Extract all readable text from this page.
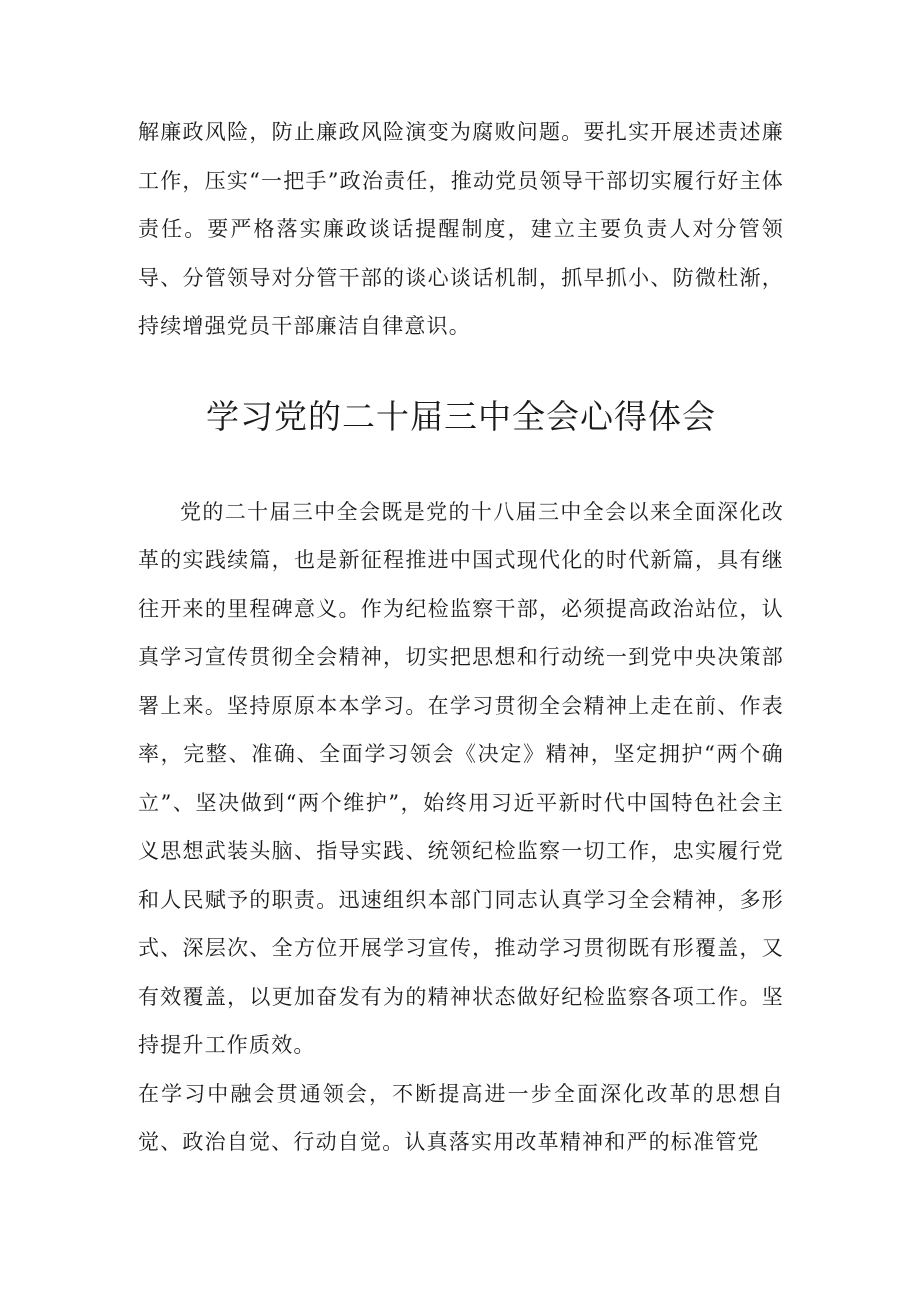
解廉政风险，防止廉政风险演变为腐败问题。要扎实开展述责述廉工作，压实“一把手”政治责任，推动党员领导干部切实履行好主体责任。要严格落实廉政谈话提醒制度，建立主要负责人对分管领导、分管领导对分管干部的谈心谈话机制，抓早抓小、防微杜渐，持续增强党员干部廉洁自律意识。

学习党的二十届三中全会心得体会

党的二十届三中全会既是党的十八届三中全会以来全面深化改革的实践续篇，也是新征程推进中国式现代化的时代新篇，具有继往开来的里程碑意义。作为纪检监察干部，必须提高政治站位，认真学习宣传贯彻全会精神，切实把思想和行动统一到党中央决策部署上来。坚持原原本本学习。在学习贯彻全会精神上走在前、作表率，完整、准确、全面学习领会《决定》精神，坚定拥护“两个确立”、坚决做到“两个维护”，始终用习近平新时代中国特色社会主义思想武装头脑、指导实践、统领纪检监察一切工作，忠实履行党和人民赋予的职责。迅速组织本部门同志认真学习全会精神，多形式、深层次、全方位开展学习宣传，推动学习贯彻既有形覆盖，又有效覆盖，以更加奋发有为的精神状态做好纪检监察各项工作。坚持提升工作质效。

在学习中融会贯通领会，不断提高进一步全面深化改革的思想自觉、政治自觉、行动自觉。认真落实用改革精神和严的标准管党
